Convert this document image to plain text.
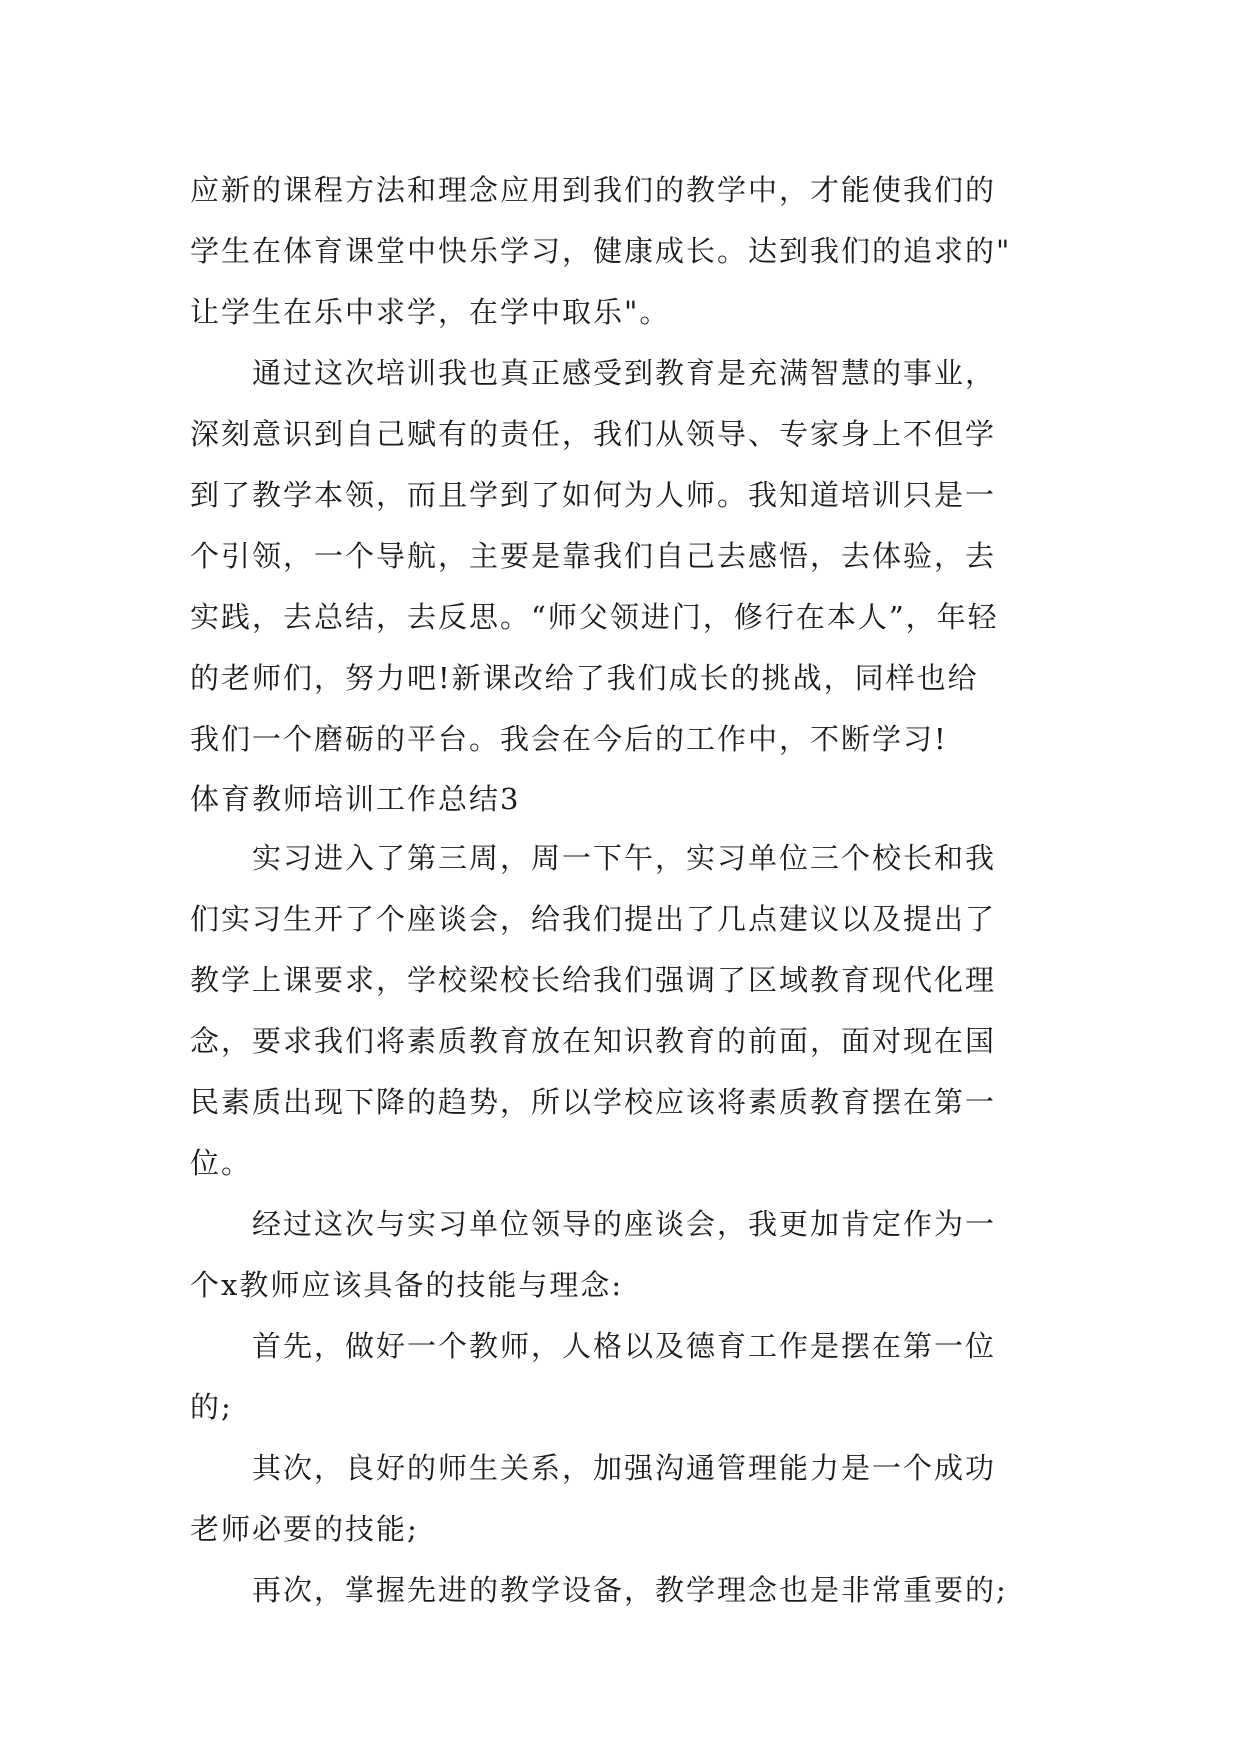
应新的课程方法和理念应用到我们的教学中，才能使我们的
学生在体育课堂中快乐学习，健康成长。达到我们的追求的"
让学生在乐中求学，在学中取乐"。
通过这次培训我也真正感受到教育是充满智慧的事业，
深刻意识到自己赋有的责任，我们从领导、专家身上不但学
到了教学本领，而且学到了如何为人师。我知道培训只是一
个引领，一个导航，主要是靠我们自己去感悟，去体验，去
实践，去总结，去反思。“师父领进门，修行在本人”，年轻
的老师们，努力吧!新课改给了我们成长的挑战，同样也给
我们一个磨砺的平台。我会在今后的工作中，不断学习!
体育教师培训工作总结3
实习进入了第三周，周一下午，实习单位三个校长和我
们实习生开了个座谈会，给我们提出了几点建议以及提出了
教学上课要求，学校梁校长给我们强调了区域教育现代化理
念，要求我们将素质教育放在知识教育的前面，面对现在国
民素质出现下降的趋势，所以学校应该将素质教育摆在第一
位。
经过这次与实习单位领导的座谈会，我更加肯定作为一
个x教师应该具备的技能与理念:
首先，做好一个教师，人格以及德育工作是摆在第一位
的;
其次，良好的师生关系，加强沟通管理能力是一个成功
老师必要的技能;
再次，掌握先进的教学设备，教学理念也是非常重要的;
